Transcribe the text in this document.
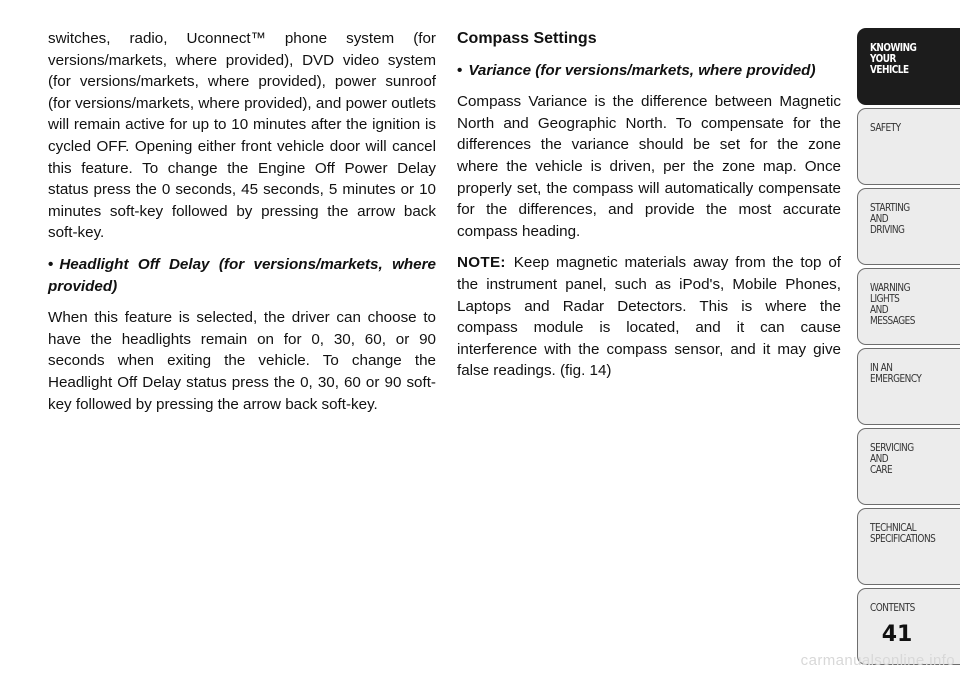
switches, radio, Uconnect™ phone system (for versions/markets, where provided), DVD video system (for versions/markets, where provided), power sunroof (for versions/markets, where provided), and power outlets will remain active for up to 10 minutes after the ignition is cycled OFF. Opening either front vehicle door will cancel this feature. To change the Engine Off Power Delay status press the 0 seconds, 45 seconds, 5 minutes or 10 minutes soft-key followed by pressing the arrow back soft-key.

• Headlight Off Delay (for versions/markets, where provided)

When this feature is selected, the driver can choose to have the headlights remain on for 0, 30, 60, or 90 seconds when exiting the vehicle. To change the Headlight Off Delay status press the 0, 30, 60 or 90 soft-key followed by pressing the arrow back soft-key.

Compass Settings

• Variance (for versions/markets, where provided)

Compass Variance is the difference between Magnetic North and Geographic North. To compensate for the differences the variance should be set for the zone where the vehicle is driven, per the zone map. Once properly set, the compass will automatically compensate for the differences, and provide the most accurate compass heading.

NOTE: Keep magnetic materials away from the top of the instrument panel, such as iPod's, Mobile Phones, Laptops and Radar Detectors. This is where the compass module is located, and it can cause interference with the compass sensor, and it may give false readings. (fig. 14)

KNOWING
YOUR
VEHICLE
SAFETY
STARTING
AND
DRIVING
WARNING
LIGHTS
AND
MESSAGES
IN AN
EMERGENCY
SERVICING
AND
CARE
TECHNICAL
SPECIFICATIONS
CONTENTS
41
carmanualsonline.info
